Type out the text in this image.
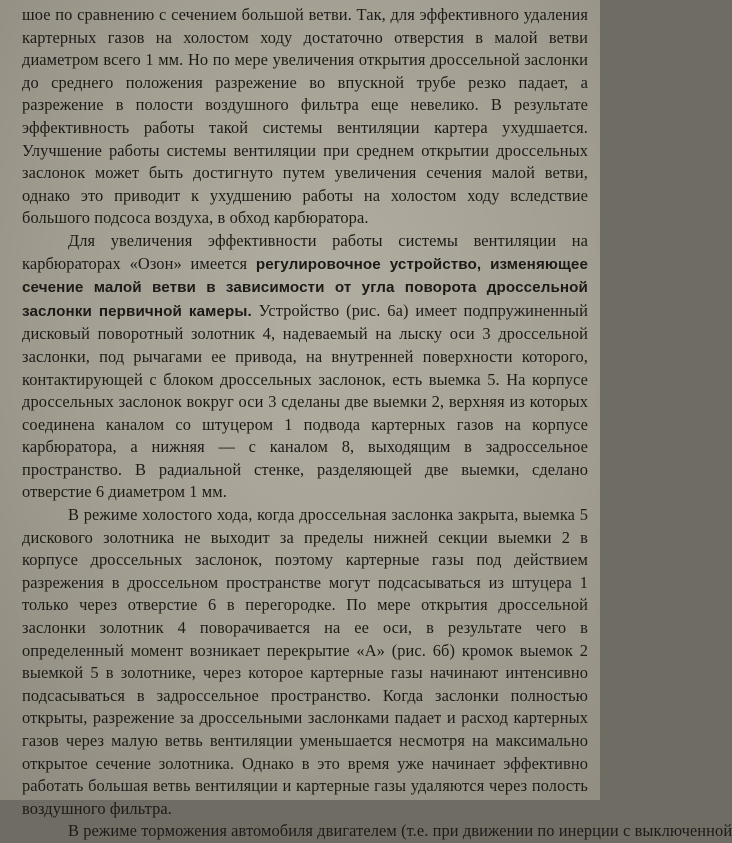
шое по сравнению с сечением большой ветви. Так, для эффективного удаления картерных газов на холостом ходу достаточно отверстия в малой ветви диаметром всего 1 мм. Но по мере увеличения открытия дроссельной заслонки до среднего положения разрежение во впускной трубе резко падает, а разрежение в полости воздушного фильтра еще невелико. В результате эффективность работы такой системы вентиляции картера ухудшается. Улучшение работы системы вентиляции при среднем открытии дроссельных заслонок может быть достигнуто путем увеличения сечения малой ветви, однако это приводит к ухудшению работы на холостом ходу вследствие большого подсоса воздуха, в обход карбюратора.

Для увеличения эффективности работы системы вентиляции на карбюраторах «Озон» имеется регулировочное устройство, изменяющее сечение малой ветви в зависимости от угла поворота дроссельной заслонки первичной камеры. Устройство (рис. 6а) имеет подпружиненный дисковый поворотный золотник 4, надеваемый на лыску оси 3 дроссельной заслонки, под рычагами ее привода, на внутренней поверхности которого, контактирующей с блоком дроссельных заслонок, есть выемка 5. На корпусе дроссельных заслонок вокруг оси 3 сделаны две выемки 2, верхняя из которых соединена каналом со штуцером 1 подвода картерных газов на корпусе карбюратора, а нижняя — с каналом 8, выходящим в задроссельное пространство. В радиальной стенке, разделяющей две выемки, сделано отверстие 6 диаметром 1 мм.

В режиме холостого хода, когда дроссельная заслонка закрыта, выемка 5 дискового золотника не выходит за пределы нижней секции выемки 2 в корпусе дроссельных заслонок, поэтому картерные газы под действием разрежения в дроссельном пространстве могут подсасываться из штуцера 1 только через отверстие 6 в перегородке. По мере открытия дроссельной заслонки золотник 4 поворачивается на ее оси, в результате чего в определенный момент возникает перекрытие «А» (рис. 6б) кромок выемок 2 выемкой 5 в золотнике, через которое картерные газы начинают интенсивно подсасываться в задроссельное пространство. Когда заслонки полностью открыты, разрежение за дроссельными заслонками падает и расход картерных газов через малую ветвь вентиляции уменьшается несмотря на максимально открытое сечение золотника. Однако в это время уже начинает эффективно работать большая ветвь вентиляции и картерные газы удаляются через полость воздушного фильтра.

В режиме торможения автомобиля двигателем (т.е. при движении по инерции с выключенной
